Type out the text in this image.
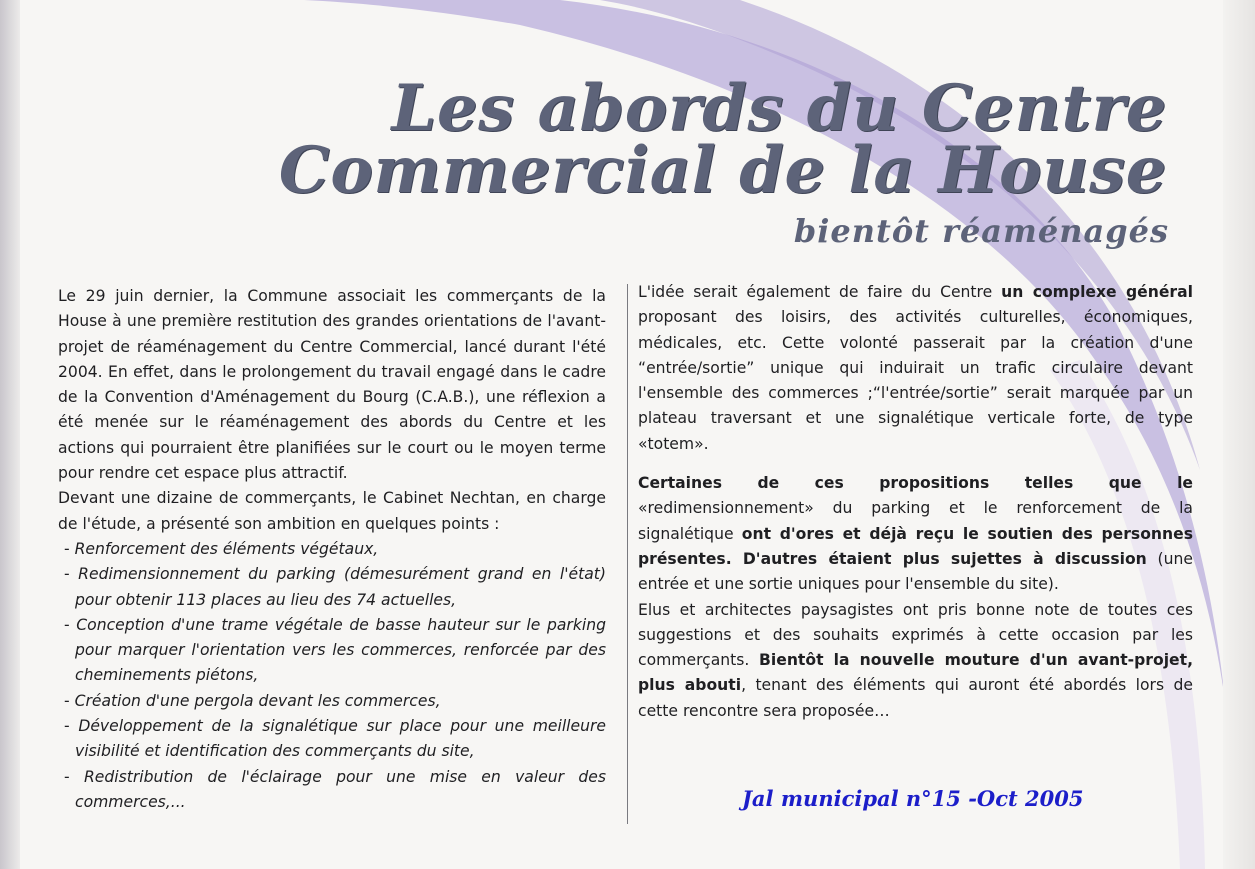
Les abords du Centre
Commercial de la House
bientôt réaménagés

Le 29 juin dernier, la Commune associait les commerçants de la House à une première restitution des grandes orientations de l'avant-projet de réaménagement du Centre Commercial, lancé durant l'été 2004. En effet, dans le prolongement du travail engagé dans le cadre de la Convention d'Aménagement du Bourg (C.A.B.), une réflexion a été menée sur le réaménagement des abords du Centre et les actions qui pourraient être planifiées sur le court ou le moyen terme pour rendre cet espace plus attractif.

Devant une dizaine de commerçants, le Cabinet Nechtan, en charge de l'étude, a présenté son ambition en quelques points :

- Renforcement des éléments végétaux,
- Redimensionnement du parking (démesurément grand en l'état) pour obtenir 113 places au lieu des 74 actuelles,
- Conception d'une trame végétale de basse hauteur sur le parking pour marquer l'orientation vers les commerces, renforcée par des cheminements piétons,
- Création d'une pergola devant les commerces,
- Développement de la signalétique sur place pour une meilleure visibilité et identification des commerçants du site,
- Redistribution de l'éclairage pour une mise en valeur des commerces,...

L'idée serait également de faire du Centre un complexe général proposant des loisirs, des activités culturelles, économiques, médicales, etc. Cette volonté passerait par la création d'une “entrée/sortie” unique qui induirait un trafic circulaire devant l'ensemble des commerces ;“l'entrée/sortie” serait marquée par un plateau traversant et une signalétique verticale forte, de type «totem».

Certaines de ces propositions telles que le «redimensionnement» du parking et le renforcement de la signalétique ont d'ores et déjà reçu le soutien des personnes présentes. D'autres étaient plus sujettes à discussion (une entrée et une sortie uniques pour l'ensemble du site).

Elus et architectes paysagistes ont pris bonne note de toutes ces suggestions et des souhaits exprimés à cette occasion par les commerçants. Bientôt la nouvelle mouture d'un avant-projet, plus abouti, tenant des éléments qui auront été abordés lors de cette rencontre sera proposée…

Jal municipal n°15 -Oct 2005
